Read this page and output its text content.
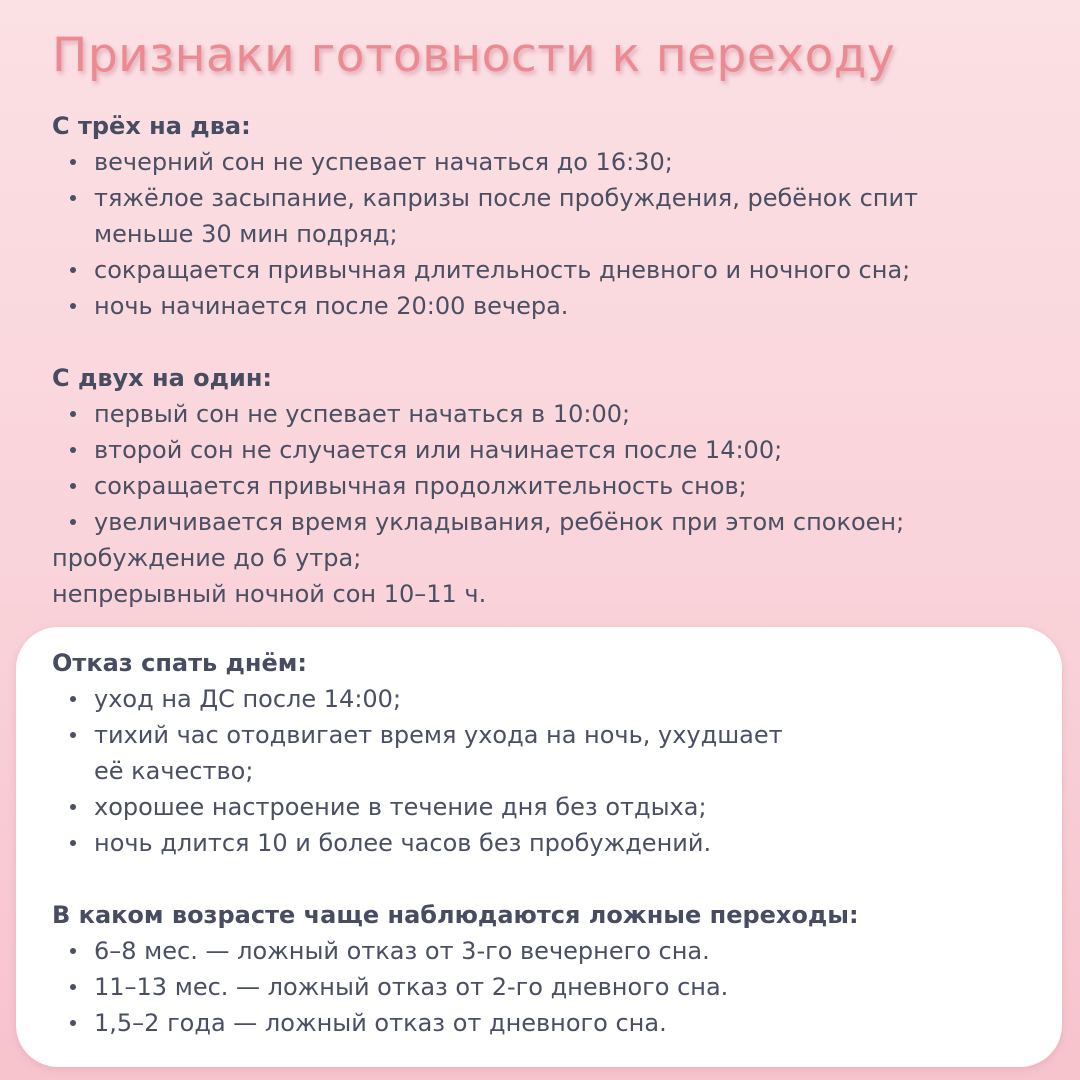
Признаки готовности к переходу
С трёх на два:
вечерний сон не успевает начаться до 16:30;
тяжёлое засыпание, капризы после пробуждения, ребёнок спит меньше 30 мин подряд;
сокращается привычная длительность дневного и ночного сна;
ночь начинается после 20:00 вечера.
С двух на один:
первый сон не успевает начаться в 10:00;
второй сон не случается или начинается после 14:00;
сокращается привычная продолжительность снов;
увеличивается время укладывания, ребёнок при этом спокоен;
пробуждение до 6 утра;
непрерывный ночной сон 10–11 ч.
Отказ спать днём:
уход на ДС после 14:00;
тихий час отодвигает время ухода на ночь, ухудшает её качество;
хорошее настроение в течение дня без отдыха;
ночь длится 10 и более часов без пробуждений.
В каком возрасте чаще наблюдаются ложные переходы:
6–8 мес. — ложный отказ от 3-го вечернего сна.
11–13 мес. — ложный отказ от 2-го дневного сна.
1,5–2 года — ложный отказ от дневного сна.
